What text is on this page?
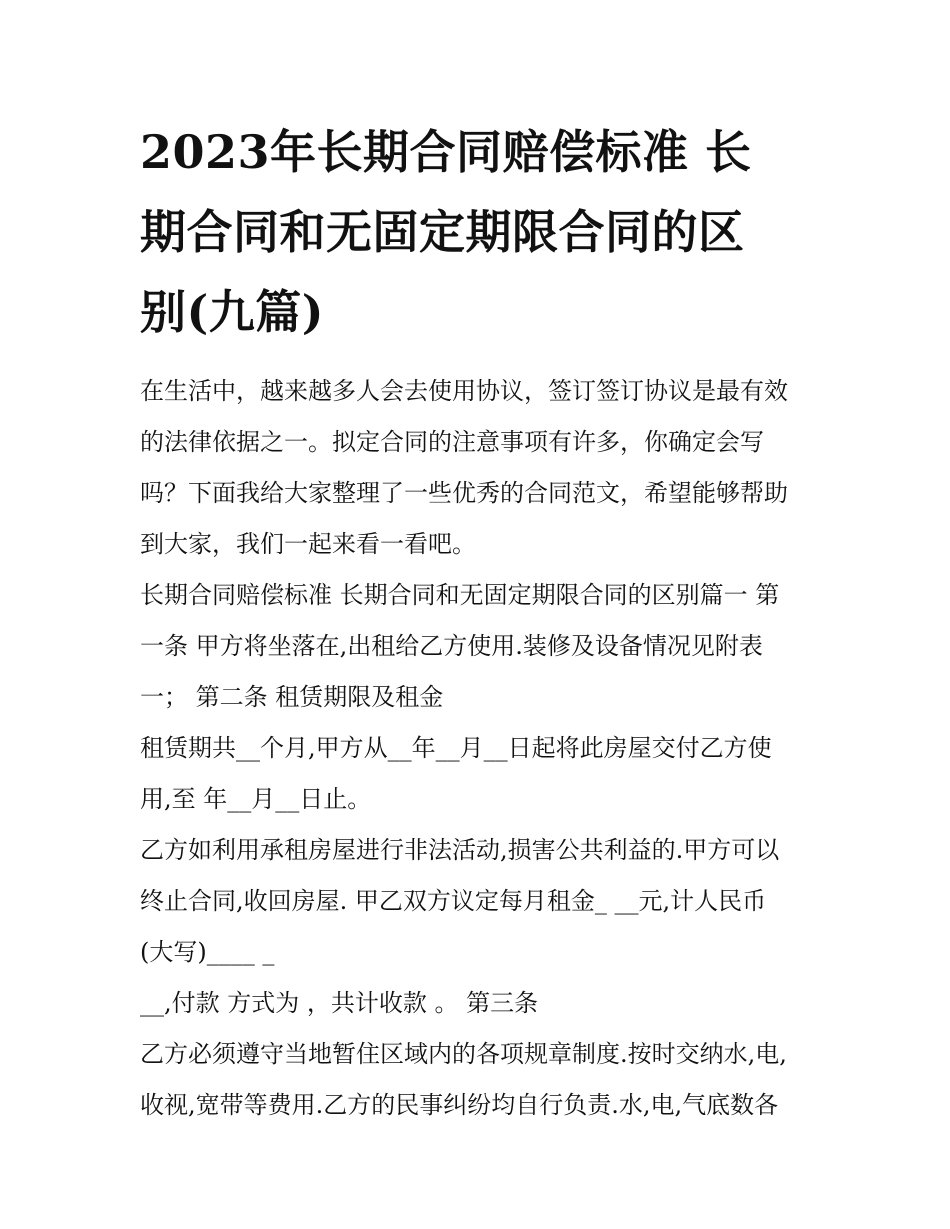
2023年长期合同赔偿标准 长
期合同和无固定期限合同的区
别(九篇)

在生活中，越来越多人会去使用协议，签订签订协议是最有效
的法律依据之一。拟定合同的注意事项有许多，你确定会写
吗？下面我给大家整理了一些优秀的合同范文，希望能够帮助
到大家，我们一起来看一看吧。

长期合同赔偿标准 长期合同和无固定期限合同的区别篇一 第
一条 甲方将坐落在,出租给乙方使用.装修及设备情况见附表
一； 第二条 租赁期限及租金

租赁期共__个月,甲方从__年__月__日起将此房屋交付乙方使
用,至 年__月__日止。

乙方如利用承租房屋进行非法活动,损害公共利益的.甲方可以
终止合同,收回房屋. 甲乙双方议定每月租金_ __元,计人民币
(大写)____ _

__,付款 方式为 ，共计收款 。 第三条

乙方必须遵守当地暂住区域内的各项规章制度.按时交纳水,电,
收视,宽带等费用.乙方的民事纠纷均自行负责.水,电,气底数各
